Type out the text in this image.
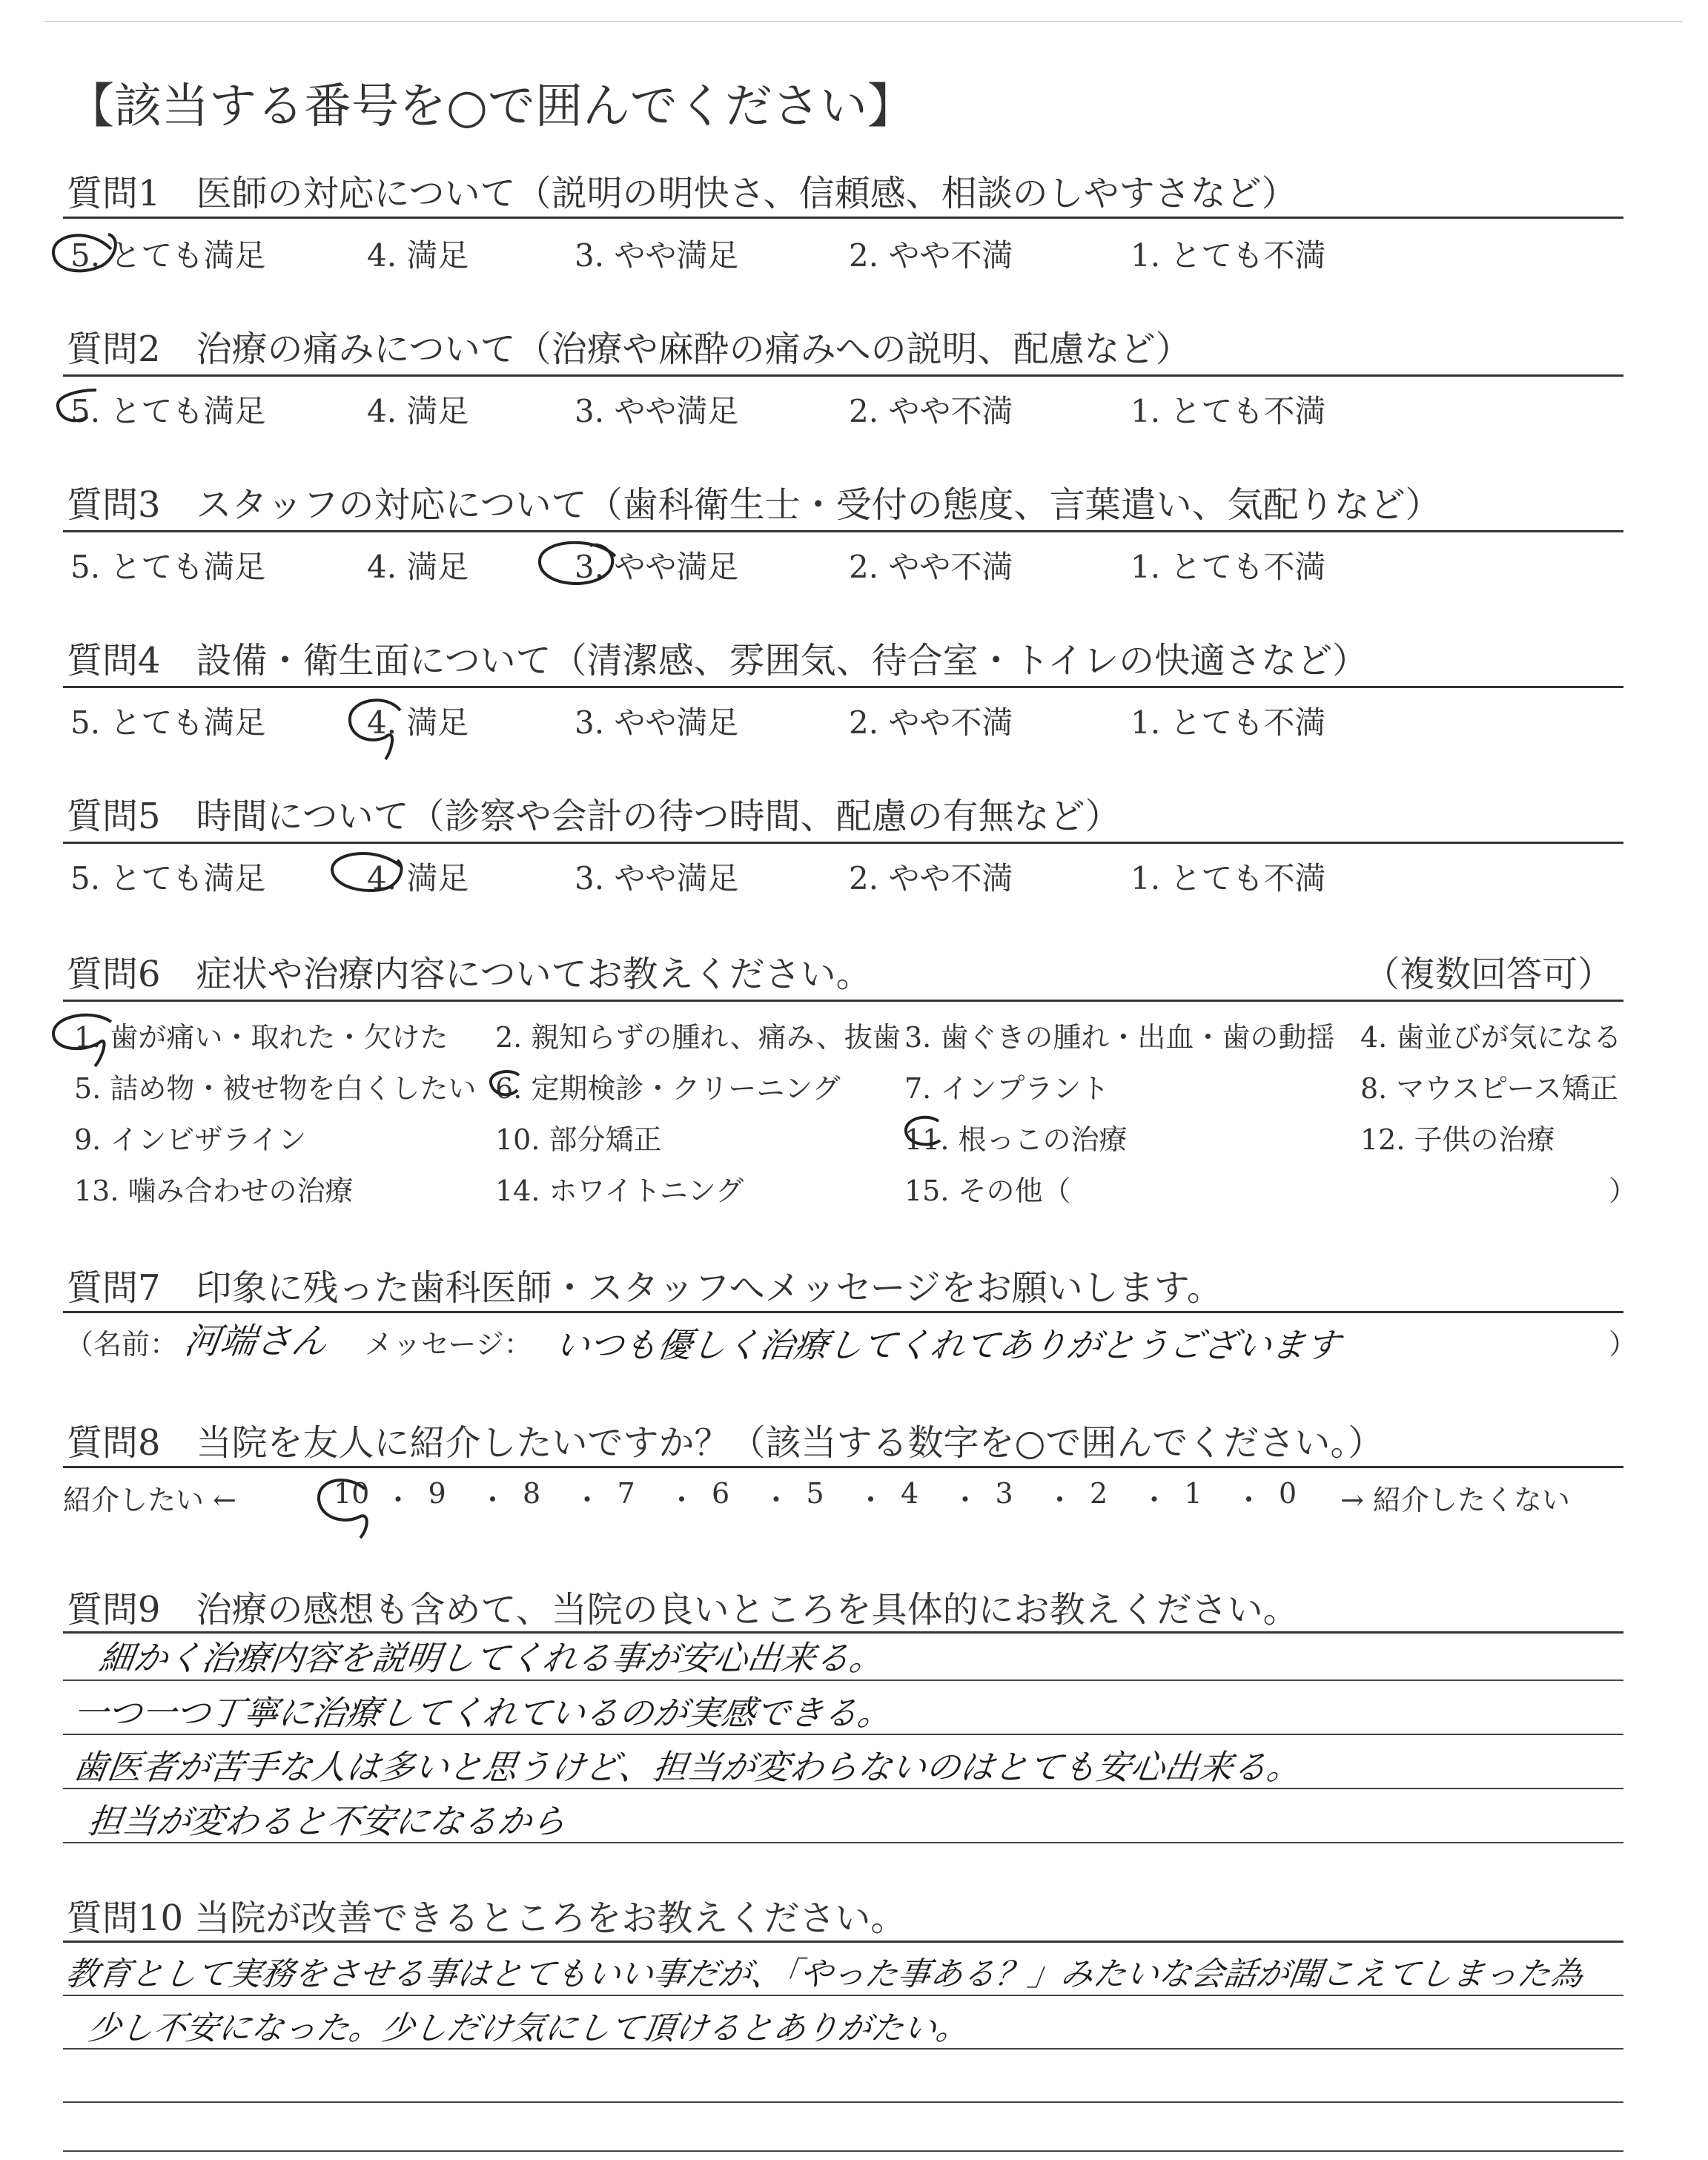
【該当する番号を○で囲んでください】
質問1　医師の対応について（説明の明快さ、信頼感、相談のしやすさなど）
5. とても満足	4. 満足	3. やや満足	2. やや不満	1. とても不満
質問2　治療の痛みについて（治療や麻酔の痛みへの説明、配慮など）
5. とても満足	4. 満足	3. やや満足	2. やや不満	1. とても不満
質問3　スタッフの対応について（歯科衛生士・受付の態度、言葉遣い、気配りなど）
5. とても満足	4. 満足	3. やや満足	2. やや不満	1. とても不満
質問4　設備・衛生面について（清潔感、雰囲気、待合室・トイレの快適さなど）
5. とても満足	4. 満足	3. やや満足	2. やや不満	1. とても不満
質問5　時間について（診察や会計の待つ時間、配慮の有無など）
5. とても満足	4. 満足	3. やや満足	2. やや不満	1. とても不満
質問6　症状や治療内容についてお教えください。	（複数回答可）
1. 歯が痛い・取れた・欠けた 2. 親知らずの腫れ、痛み、抜歯 3. 歯ぐきの腫れ・出血・歯の動揺 4. 歯並びが気になる
5. 詰め物・被せ物を白くしたい 6. 定期検診・クリーニング 7. インプラント	8. マウスピース矯正
9. インビザライン	10. 部分矯正	11. 根っこの治療	12. 子供の治療
13. 噛み合わせの治療	14. ホワイトニング	15. その他（	）
質問7　印象に残った歯科医師・スタッフへメッセージをお願いします。
（名前： 河端さん メッセージ： いつも優しく治療してくれてありがとうございます	）
質問8　当院を友人に紹介したいですか？（該当する数字を○で囲んでください。）
紹介したい ←	→ 紹介したくない
10 ・ 9 ・ 8 ・ 7 ・ 6 ・ 5 ・ 4 ・ 3 ・ 2 ・ 1 ・ 0
質問9　治療の感想も含めて、当院の良いところを具体的にお教えください。
細かく治療内容を説明してくれる事が安心出来る。
一つ一つ丁寧に治療してくれているのが実感できる。
歯医者が苦手な人は多いと思うけど、担当が変わらないのはとても安心出来る。
担当が変わると不安になるから
質問10 当院が改善できるところをお教えください。
教育として実務をさせる事はとてもいい事だが、「やった事ある？」みたいな会話が聞こえてしまった為
少し不安になった。少しだけ気にして頂けるとありがたい。
